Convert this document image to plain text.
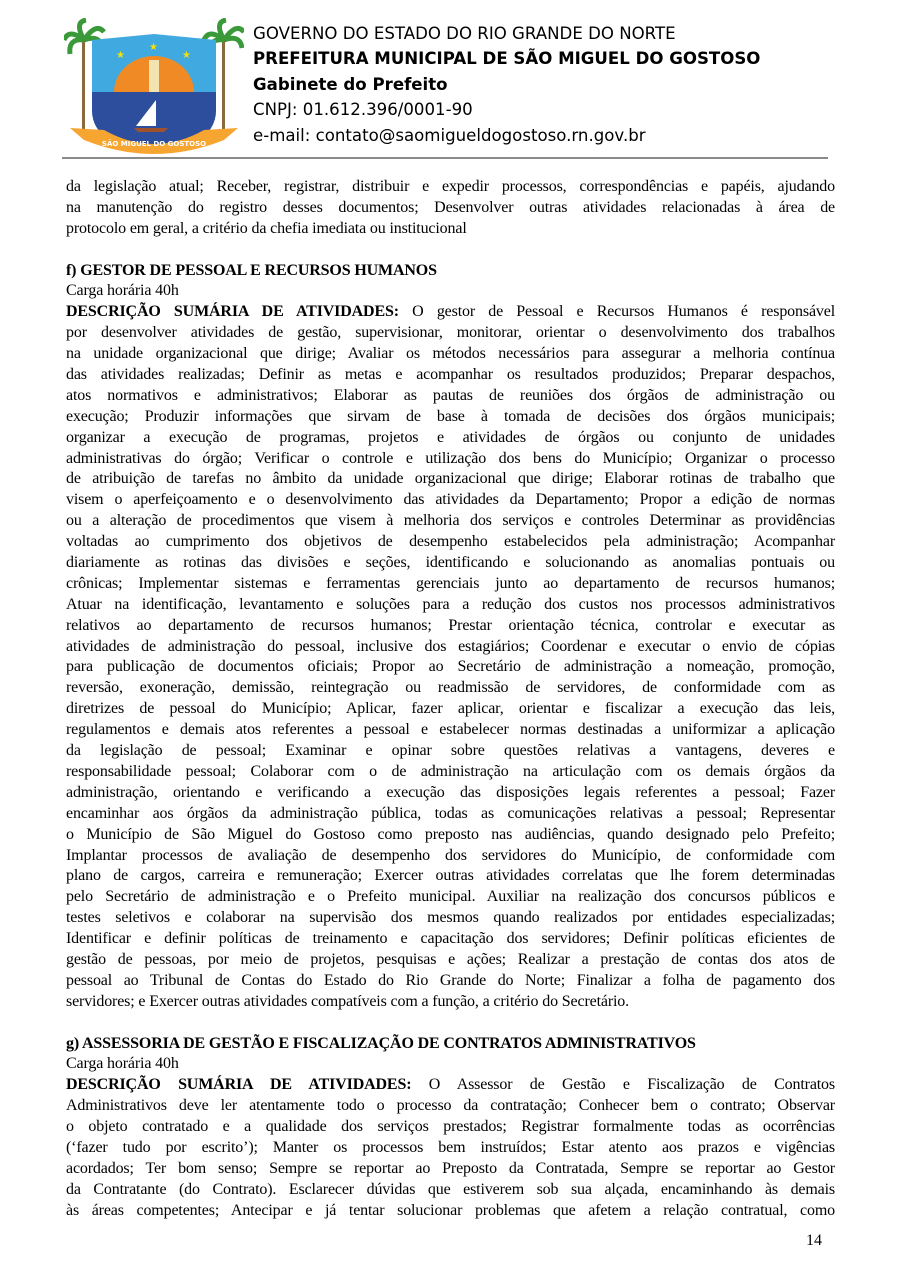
★
★
★
SÃO MIGUEL DO GOSTOSO
GOVERNO DO ESTADO DO RIO GRANDE DO NORTE
PREFEITURA MUNICIPAL DE SÃO MIGUEL DO GOSTOSO
Gabinete do Prefeito
CNPJ: 01.612.396/0001-90
e-mail: contato@saomigueldogostoso.rn.gov.br
da legislação atual; Receber, registrar, distribuir e expedir processos, correspondências e papéis, ajudando
na manutenção do registro desses documentos; Desenvolver outras atividades relacionadas à área de
protocolo em geral, a critério da chefia imediata ou institucional
f) GESTOR DE PESSOAL E RECURSOS HUMANOS
Carga horária 40h
DESCRIÇÃO SUMÁRIA DE ATIVIDADES: O gestor de Pessoal e Recursos Humanos é responsável
por desenvolver atividades de gestão, supervisionar, monitorar, orientar o desenvolvimento dos trabalhos
na unidade organizacional que dirige; Avaliar os métodos necessários para assegurar a melhoria contínua
das atividades realizadas; Definir as metas e acompanhar os resultados produzidos; Preparar despachos,
atos normativos e administrativos; Elaborar as pautas de reuniões dos órgãos de administração ou
execução; Produzir informações que sirvam de base à tomada de decisões dos órgãos municipais;
organizar a execução de programas, projetos e atividades de órgãos ou conjunto de unidades
administrativas do órgão; Verificar o controle e utilização dos bens do Município; Organizar o processo
de atribuição de tarefas no âmbito da unidade organizacional que dirige; Elaborar rotinas de trabalho que
visem o aperfeiçoamento e o desenvolvimento das atividades da Departamento; Propor a edição de normas
ou a alteração de procedimentos que visem à melhoria dos serviços e controles Determinar as providências
voltadas ao cumprimento dos objetivos de desempenho estabelecidos pela administração; Acompanhar
diariamente as rotinas das divisões e seções, identificando e solucionando as anomalias pontuais ou
crônicas; Implementar sistemas e ferramentas gerenciais junto ao departamento de recursos humanos;
Atuar na identificação, levantamento e soluções para a redução dos custos nos processos administrativos
relativos ao departamento de recursos humanos; Prestar orientação técnica, controlar e executar as
atividades de administração do pessoal, inclusive dos estagiários; Coordenar e executar o envio de cópias
para publicação de documentos oficiais; Propor ao Secretário de administração a nomeação, promoção,
reversão, exoneração, demissão, reintegração ou readmissão de servidores, de conformidade com as
diretrizes de pessoal do Município; Aplicar, fazer aplicar, orientar e fiscalizar a execução das leis,
regulamentos e demais atos referentes a pessoal e estabelecer normas destinadas a uniformizar a aplicação
da legislação de pessoal; Examinar e opinar sobre questões relativas a vantagens, deveres e
responsabilidade pessoal; Colaborar com o de administração na articulação com os demais órgãos da
administração, orientando e verificando a execução das disposições legais referentes a pessoal; Fazer
encaminhar aos órgãos da administração pública, todas as comunicações relativas a pessoal; Representar
o Município de São Miguel do Gostoso como preposto nas audiências, quando designado pelo Prefeito;
Implantar processos de avaliação de desempenho dos servidores do Município, de conformidade com
plano de cargos, carreira e remuneração; Exercer outras atividades correlatas que lhe forem determinadas
pelo Secretário de administração e o Prefeito municipal. Auxiliar na realização dos concursos públicos e
testes seletivos e colaborar na supervisão dos mesmos quando realizados por entidades especializadas;
Identificar e definir políticas de treinamento e capacitação dos servidores; Definir políticas eficientes de
gestão de pessoas, por meio de projetos, pesquisas e ações; Realizar a prestação de contas dos atos de
pessoal ao Tribunal de Contas do Estado do Rio Grande do Norte; Finalizar a folha de pagamento dos
servidores; e Exercer outras atividades compatíveis com a função, a critério do Secretário.
g) ASSESSORIA DE GESTÃO E FISCALIZAÇÃO DE CONTRATOS ADMINISTRATIVOS
Carga horária 40h
DESCRIÇÃO SUMÁRIA DE ATIVIDADES: O Assessor de Gestão e Fiscalização de Contratos
Administrativos deve ler atentamente todo o processo da contratação; Conhecer bem o contrato; Observar
o objeto contratado e a qualidade dos serviços prestados; Registrar formalmente todas as ocorrências
(‘fazer tudo por escrito’); Manter os processos bem instruídos; Estar atento aos prazos e vigências
acordados; Ter bom senso; Sempre se reportar ao Preposto da Contratada, Sempre se reportar ao Gestor
da Contratante (do Contrato). Esclarecer dúvidas que estiverem sob sua alçada, encaminhando às demais
às áreas competentes; Antecipar e já tentar solucionar problemas que afetem a relação contratual, como
14
